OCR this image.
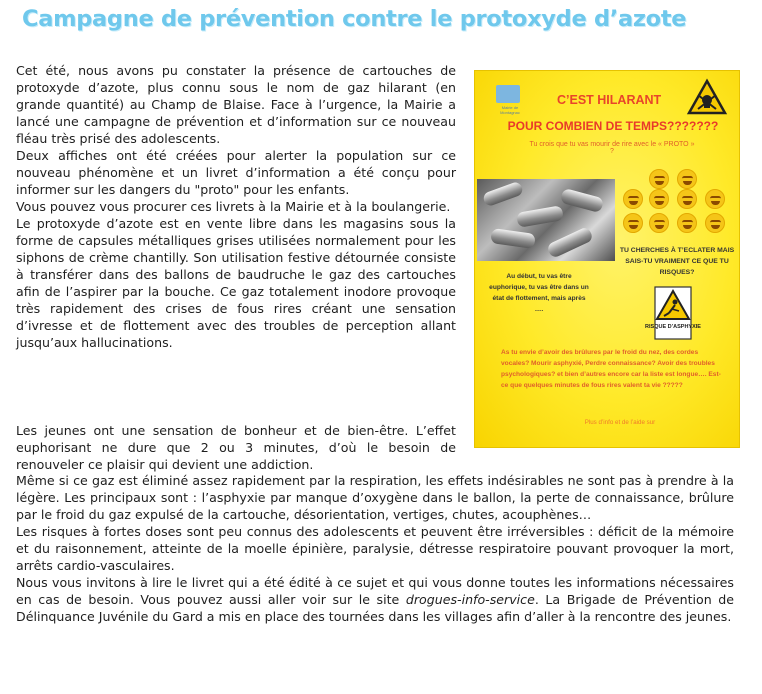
Campagne de prévention contre le protoxyde d’azote

Cet été, nous avons pu constater la présence de cartouches de protoxyde d’azote, plus connu sous le nom de gaz hilarant (en grande quantité) au Champ de Blaise. Face à l’urgence, la Mairie a lancé une campagne de prévention et d’information sur ce nouveau fléau très prisé des adolescents.

Deux affiches ont été créées pour alerter la population sur ce nouveau phénomène et un livret d’information a été conçu pour informer sur les dangers du "proto" pour les enfants.

Vous pouvez vous procurer ces livrets à la Mairie et à la boulangerie.

Le protoxyde d’azote est en vente libre dans les magasins sous la forme de capsules métalliques grises utilisées normalement pour les siphons de crème chantilly. Son utilisation festive détournée consiste à transférer dans des ballons de baudruche le gaz des cartouches afin de l’aspirer par la bouche. Ce gaz totalement inodore provoque très rapidement des crises de fous rires créant une sensation d’ivresse et de flottement avec des troubles de perception allant jusqu’aux hallucinations.

Les jeunes ont une sensation de bonheur et de bien-être. L’effet euphorisant ne dure que 2 ou 3 minutes, d’où le besoin de renouveler ce plaisir qui devient une addiction.

Même si ce gaz est éliminé assez rapidement par la respiration, les effets indésirables ne sont pas à prendre à la légère. Les principaux sont : l’asphyxie par manque d’oxygène dans le ballon, la perte de connaissance, brûlure par le froid du gaz expulsé de la cartouche, désorientation, vertiges, chutes, acouphènes…

Les risques à fortes doses sont peu connus des adolescents et peuvent être irréversibles : déficit de la mémoire et du raisonnement, atteinte de la moelle épinière, paralysie, détresse respiratoire pouvant provoquer la mort, arrêts cardio-vasculaires.

Nous vous invitons à lire le livret qui a été édité à ce sujet et qui vous donne toutes les informations nécessaires en cas de besoin. Vous pouvez aussi aller voir sur le site drogues-info-service. La Brigade de Prévention de Délinquance Juvénile du Gard a mis en place des tournées dans les villages afin d’aller à la rencontre des jeunes.

Mairie de Montagnac
C’EST HILARANT
POUR COMBIEN DE TEMPS???????
Tu crois que tu vas mourir de rire avec le « PROTO » ?
TU CHERCHES À T’ECLATER MAIS SAIS-TU VRAIMENT CE QUE TU RISQUES?
Au début, tu vas être euphorique, tu vas être dans un état de flottement, mais après ….
RISQUE D’ASPHYXIE
As tu envie d’avoir des brûlures par le froid du nez, des cordes vocales? Mourir asphyxié, Perdre connaissance? Avoir des troubles psychologiques? et bien d’autres encore car la liste est longue…. Est-ce que quelques minutes de fous rires valent ta vie ?????
Plus d’info et de l’aide sur
